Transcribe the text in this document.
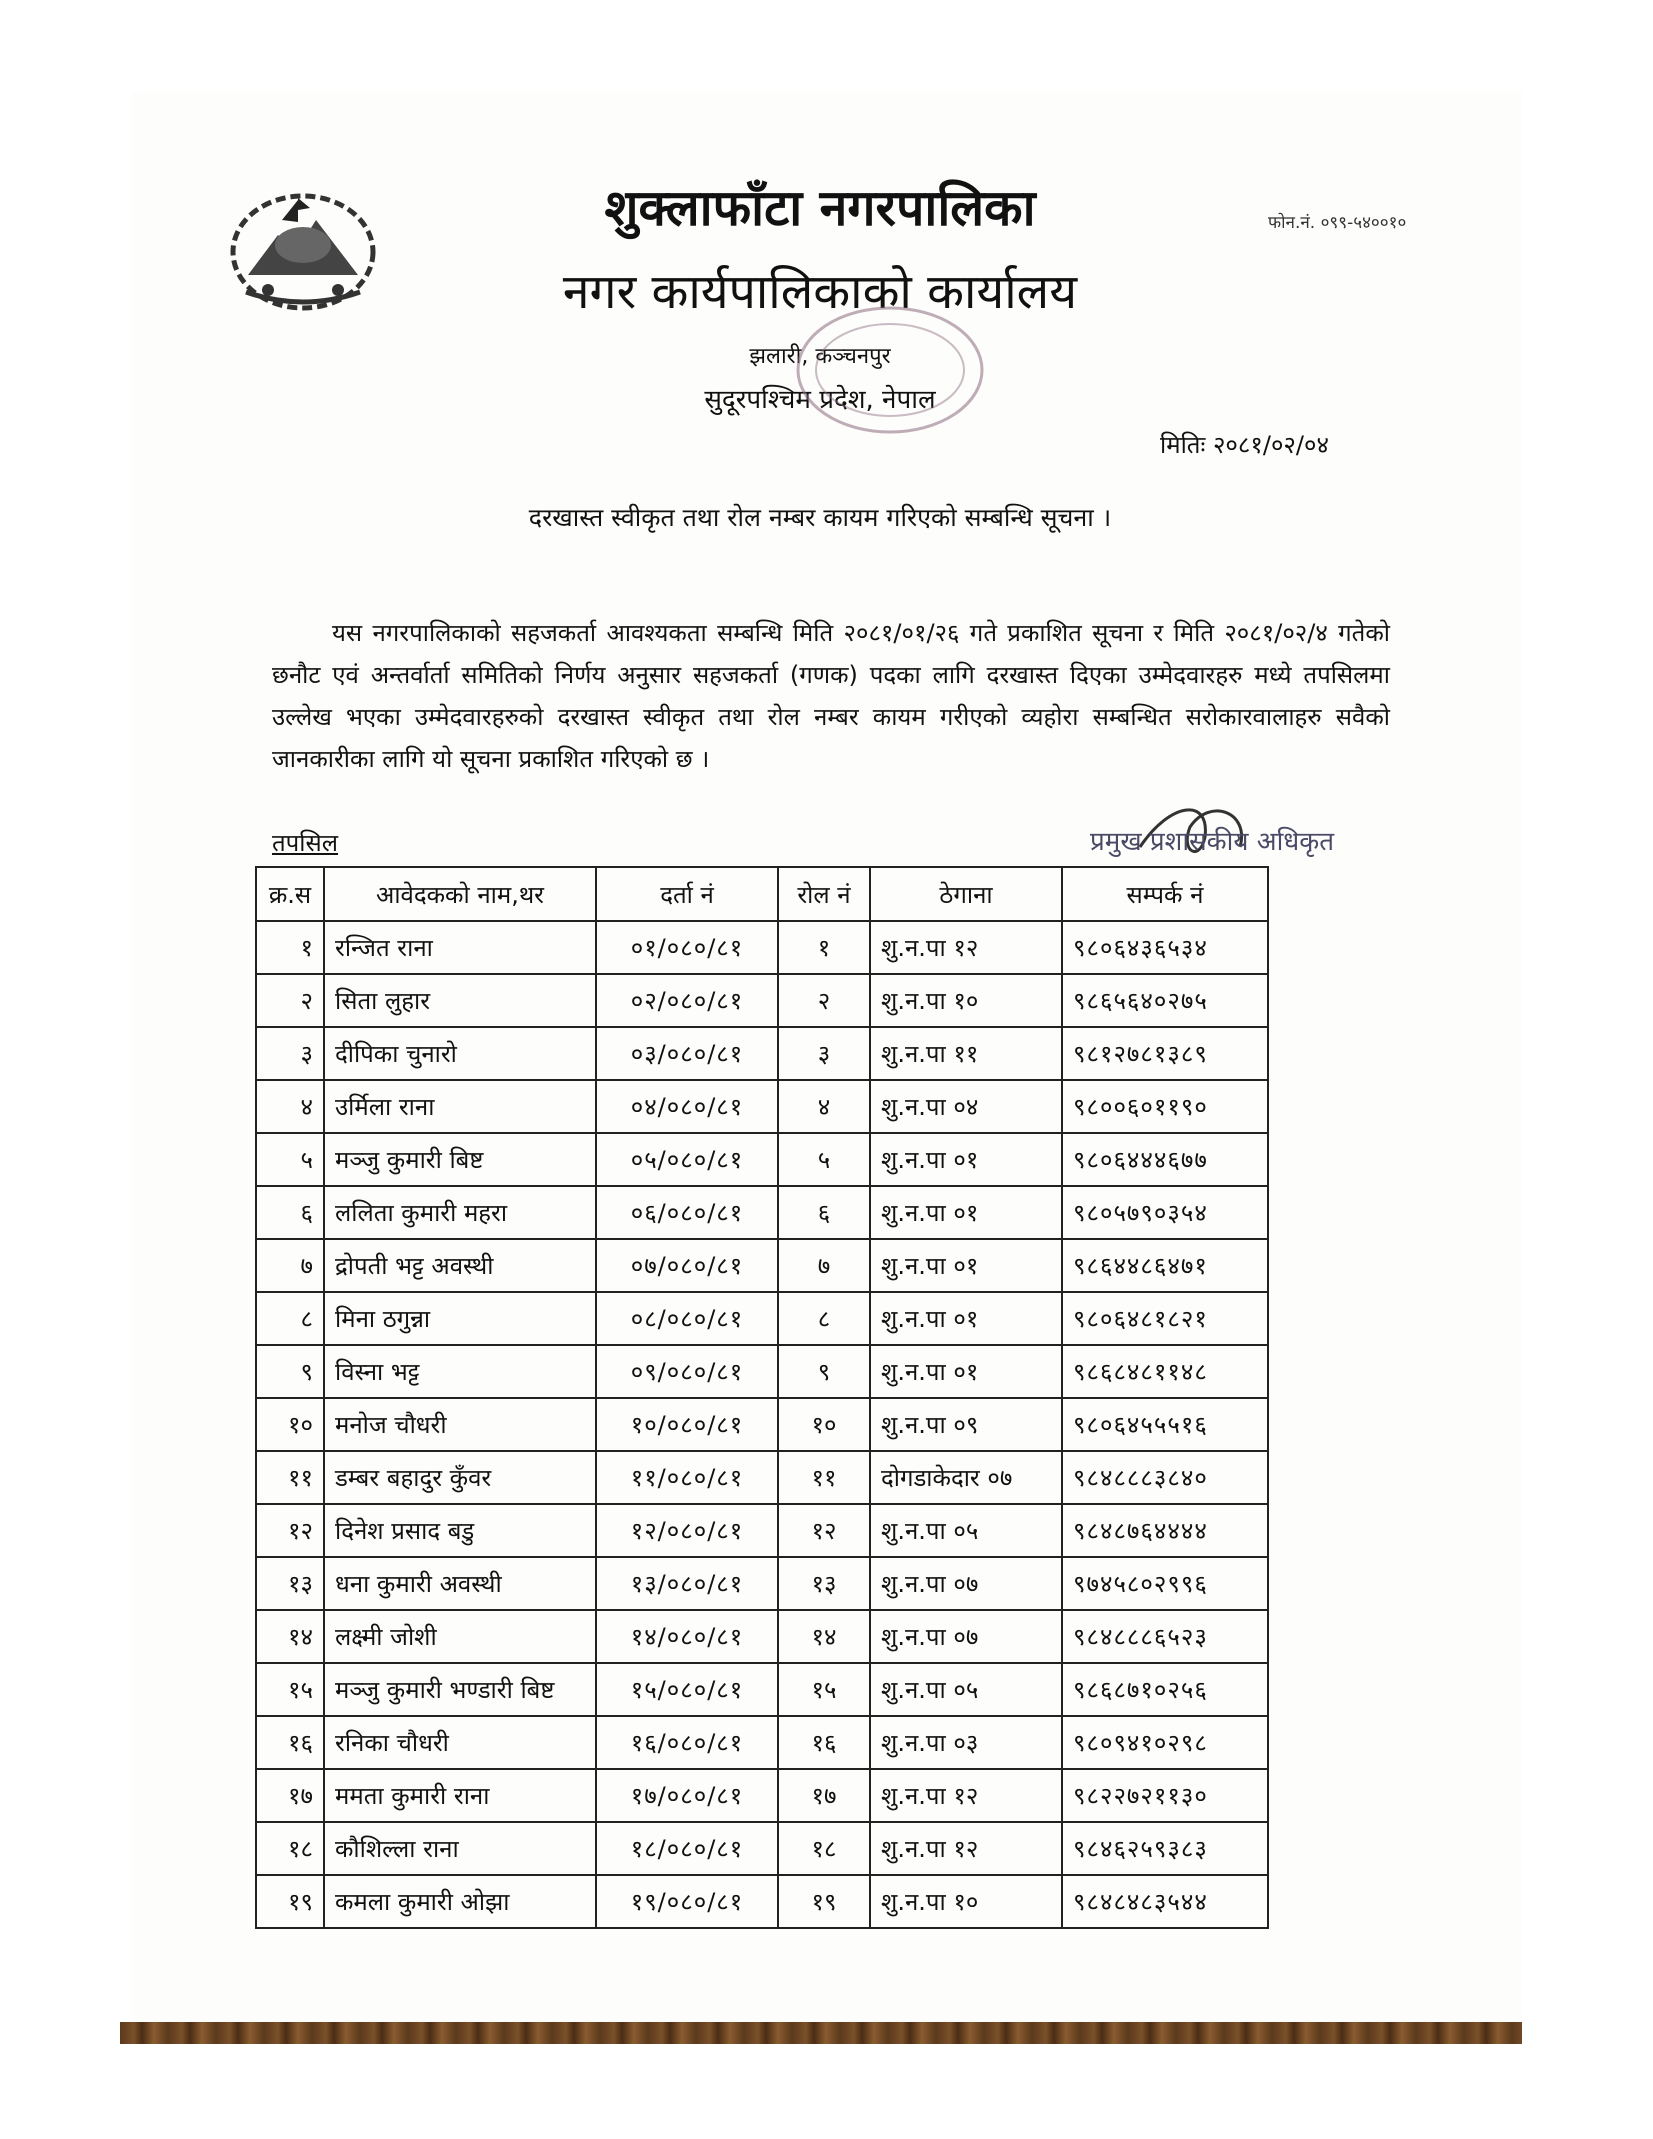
शुक्लाफाँटा नगरपालिका
नगर कार्यपालिकाको कार्यालय
झलारी, कञ्चनपुर
सुदूरपश्चिम प्रदेश, नेपाल
फोन.नं. ०९९-५४००१०
मितिः २०८१/०२/०४
दरखास्त स्वीकृत तथा रोल नम्बर कायम गरिएको सम्बन्धि सूचना ।
यस नगरपालिकाको सहजकर्ता आवश्यकता सम्बन्धि मिति २०८१/०१/२६ गते प्रकाशित सूचना र मिति २०८१/०२/४ गतेको छनौट एवं अन्तर्वार्ता समितिको निर्णय अनुसार सहजकर्ता (गणक) पदका लागि दरखास्त दिएका उम्मेदवारहरु मध्ये तपसिलमा उल्लेख भएका उम्मेदवारहरुको दरखास्त स्वीकृत तथा रोल नम्बर कायम गरीएको व्यहोरा सम्बन्धित सरोकारवालाहरु सवैको जानकारीका लागि यो सूचना प्रकाशित गरिएको छ ।
प्रमुख प्रशासकीय अधिकृत
तपसिल
क्र.स	आवेदकको नाम,थर	दर्ता नं	रोल नं	ठेगाना	सम्पर्क नं
१	रन्जित राना	०१/०८०/८१	१	शु.न.पा १२	९८०६४३६५३४
२	सिता लुहार	०२/०८०/८१	२	शु.न.पा १०	९८६५६४०२७५
३	दीपिका चुनारो	०३/०८०/८१	३	शु.न.पा ११	९८१२७८१३८९
४	उर्मिला राना	०४/०८०/८१	४	शु.न.पा ०४	९८००६०११९०
५	मञ्जु कुमारी बिष्ट	०५/०८०/८१	५	शु.न.पा ०१	९८०६४४४६७७
६	ललिता कुमारी महरा	०६/०८०/८१	६	शु.न.पा ०१	९८०५७९०३५४
७	द्रोपती भट्ट अवस्थी	०७/०८०/८१	७	शु.न.पा ०१	९८६४४८६४७१
८	मिना ठगुन्ना	०८/०८०/८१	८	शु.न.पा ०१	९८०६४८१८२१
९	विस्ना भट्ट	०९/०८०/८१	९	शु.न.पा ०१	९८६८४८११४८
१०	मनोज चौधरी	१०/०८०/८१	१०	शु.न.पा ०९	९८०६४५५५१६
११	डम्बर बहादुर कुँवर	११/०८०/८१	११	दोगडाकेदार ०७	९८४८८८३८४०
१२	दिनेश प्रसाद बडु	१२/०८०/८१	१२	शु.न.पा ०५	९८४८७६४४४४
१३	धना कुमारी अवस्थी	१३/०८०/८१	१३	शु.न.पा ०७	९७४५८०२९९६
१४	लक्ष्मी जोशी	१४/०८०/८१	१४	शु.न.पा ०७	९८४८८८६५२३
१५	मञ्जु कुमारी भण्डारी बिष्ट	१५/०८०/८१	१५	शु.न.पा ०५	९८६८७१०२५६
१६	रनिका चौधरी	१६/०८०/८१	१६	शु.न.पा ०३	९८०९४१०२९८
१७	ममता कुमारी राना	१७/०८०/८१	१७	शु.न.पा १२	९८२२७२११३०
१८	कौशिल्ला राना	१८/०८०/८१	१८	शु.न.पा १२	९८४६२५९३८३
१९	कमला कुमारी ओझा	१९/०८०/८१	१९	शु.न.पा १०	९८४८४८३५४४
